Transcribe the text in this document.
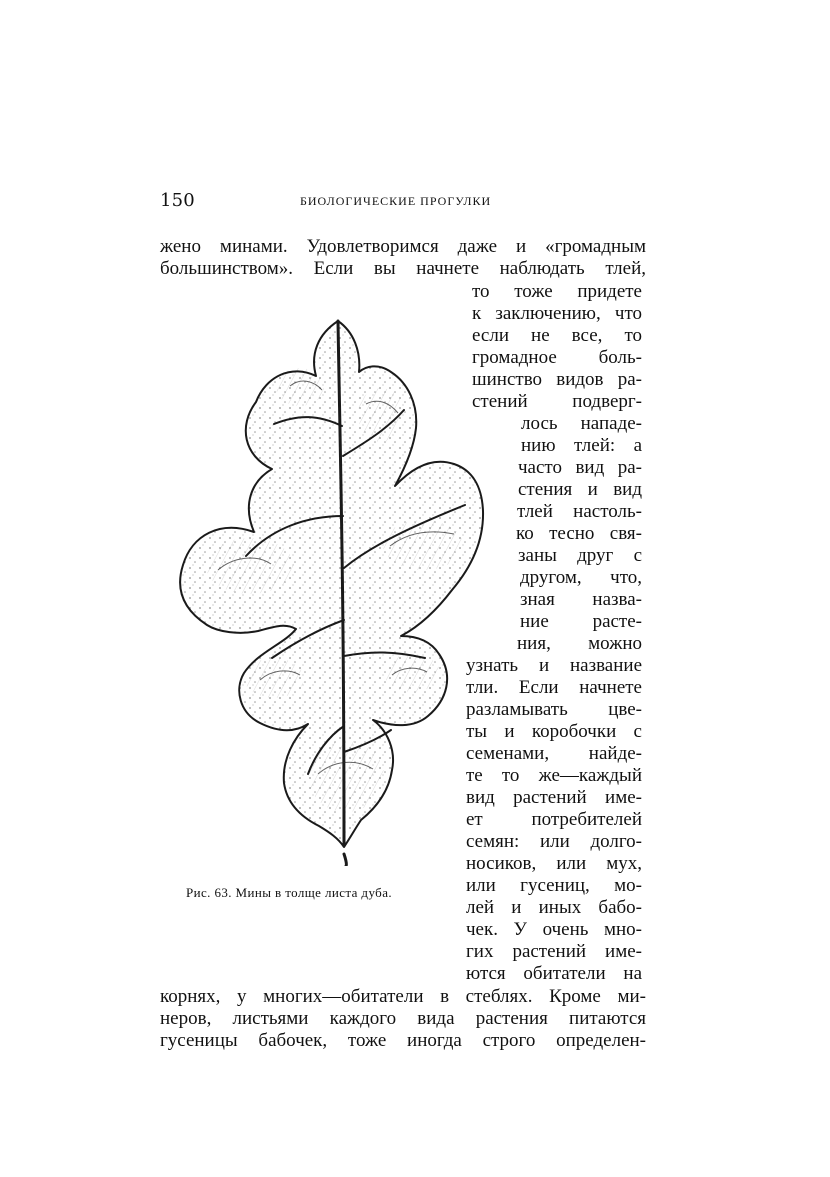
150	БИОЛОГИЧЕСКИЕ ПРОГУЛКИ
жено минами. Удовлетворимся даже и «громадным
большинством». Если вы начнете наблюдать тлей,
то тоже придете
к заключению, что
если не все, то
громадное боль-
шинство видов ра-
стений подверг-
лось нападе-
нию тлей: а
часто вид ра-
стения и вид
тлей настоль-
ко тесно свя-
заны друг с
другом, что,
зная назва-
ние расте-
ния, можно
узнать и название
тли. Если начнете
разламывать цве-
ты и коробочки с
семенами, найде-
те то же—каждый
вид растений име-
ет потребителей
семян: или долго-
носиков, или мух,
или гусениц, мо-
лей и иных бабо-
чек. У очень мно-
гих растений име-
ются обитатели на
корнях, у многих—обитатели в стеблях. Кроме ми-
неров, листьями каждого вида растения питаются
гусеницы бабочек, тоже иногда строго определен-
Рис. 63. Мины в толще листа дуба.
